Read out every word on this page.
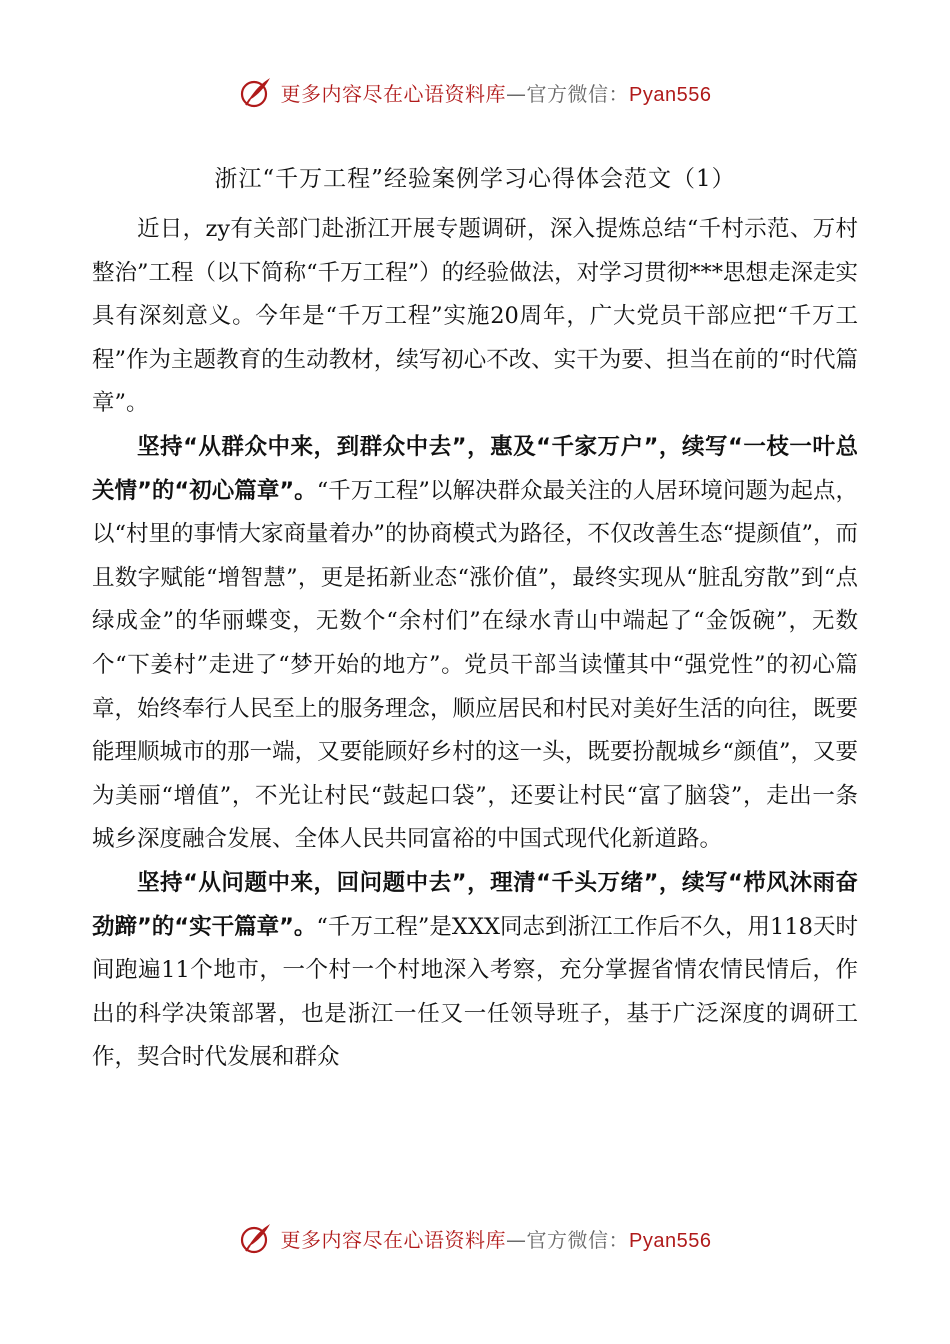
更多内容尽在心语资料库—官方微信：Pyan556
浙江“千万工程”经验案例学习心得体会范文（1）

近日，zy有关部门赴浙江开展专题调研，深入提炼总结“千村示范、万村整治”工程（以下简称“千万工程”）的经验做法，对学习贯彻***思想走深走实具有深刻意义。今年是“千万工程”实施20周年，广大党员干部应把“千万工程”作为主题教育的生动教材，续写初心不改、实干为要、担当在前的“时代篇章”。

坚持“从群众中来，到群众中去”，惠及“千家万户”，续写“一枝一叶总关情”的“初心篇章”。“千万工程”以解决群众最关注的人居环境问题为起点，以“村里的事情大家商量着办”的协商模式为路径，不仅改善生态“提颜值”，而且数字赋能“增智慧”，更是拓新业态“涨价值”，最终实现从“脏乱穷散”到“点绿成金”的华丽蝶变，无数个“余村们”在绿水青山中端起了“金饭碗”，无数个“下姜村”走进了“梦开始的地方”。党员干部当读懂其中“强党性”的初心篇章，始终奉行人民至上的服务理念，顺应居民和村民对美好生活的向往，既要能理顺城市的那一端，又要能顾好乡村的这一头，既要扮靓城乡“颜值”，又要为美丽“增值”，不光让村民“鼓起口袋”，还要让村民“富了脑袋”，走出一条城乡深度融合发展、全体人民共同富裕的中国式现代化新道路。

坚持“从问题中来，回问题中去”，理清“千头万绪”，续写“栉风沐雨奋劲蹄”的“实干篇章”。“千万工程”是XXX同志到浙江工作后不久，用118天时间跑遍11个地市，一个村一个村地深入考察，充分掌握省情农情民情后，作出的科学决策部署，也是浙江一任又一任领导班子，基于广泛深度的调研工作，契合时代发展和群众

更多内容尽在心语资料库—官方微信：Pyan556
